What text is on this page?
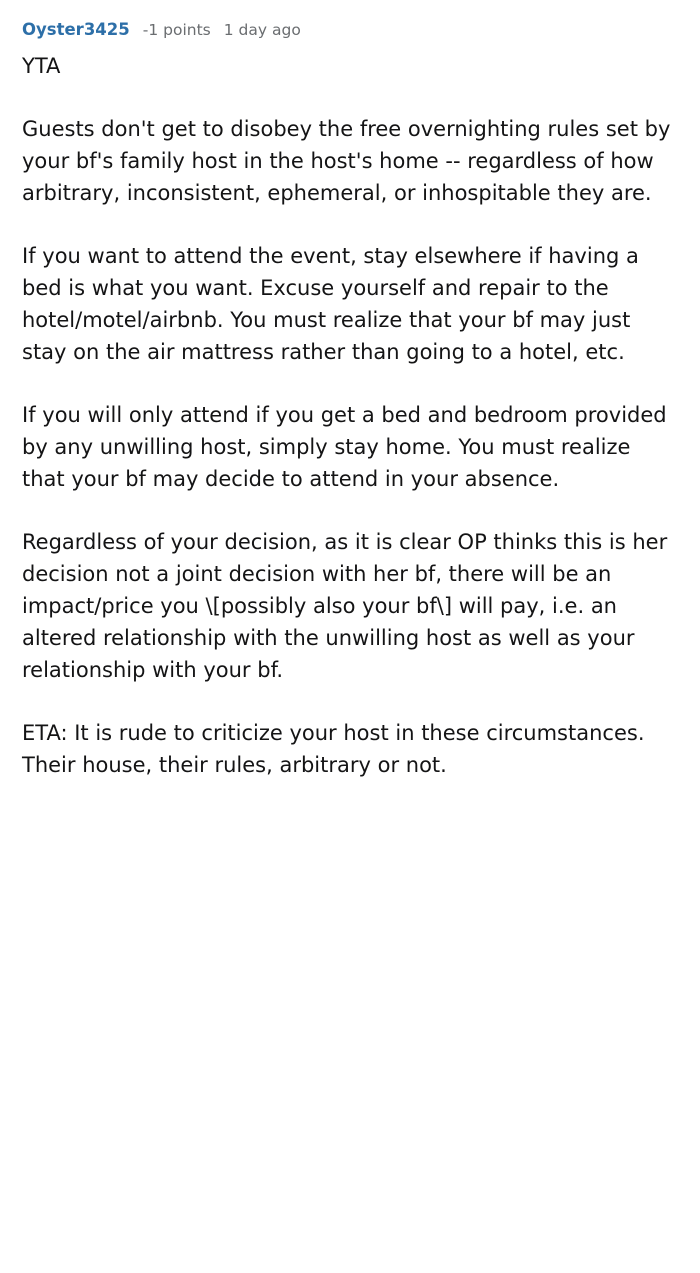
Oyster3425 -1 points 1 day ago

YTA

Guests don't get to disobey the free overnighting rules set by your bf's family host in the host's home -- regardless of how arbitrary, inconsistent, ephemeral, or inhospitable they are.

If you want to attend the event, stay elsewhere if having a bed is what you want. Excuse yourself and repair to the hotel/motel/airbnb. You must realize that your bf may just stay on the air mattress rather than going to a hotel, etc.

If you will only attend if you get a bed and bedroom provided by any unwilling host, simply stay home. You must realize that your bf may decide to attend in your absence.

Regardless of your decision, as it is clear OP thinks this is her decision not a joint decision with her bf, there will be an impact/price you \[possibly also your bf\] will pay, i.e. an altered relationship with the unwilling host as well as your relationship with your bf.

ETA: It is rude to criticize your host in these circumstances. Their house, their rules, arbitrary or not.
